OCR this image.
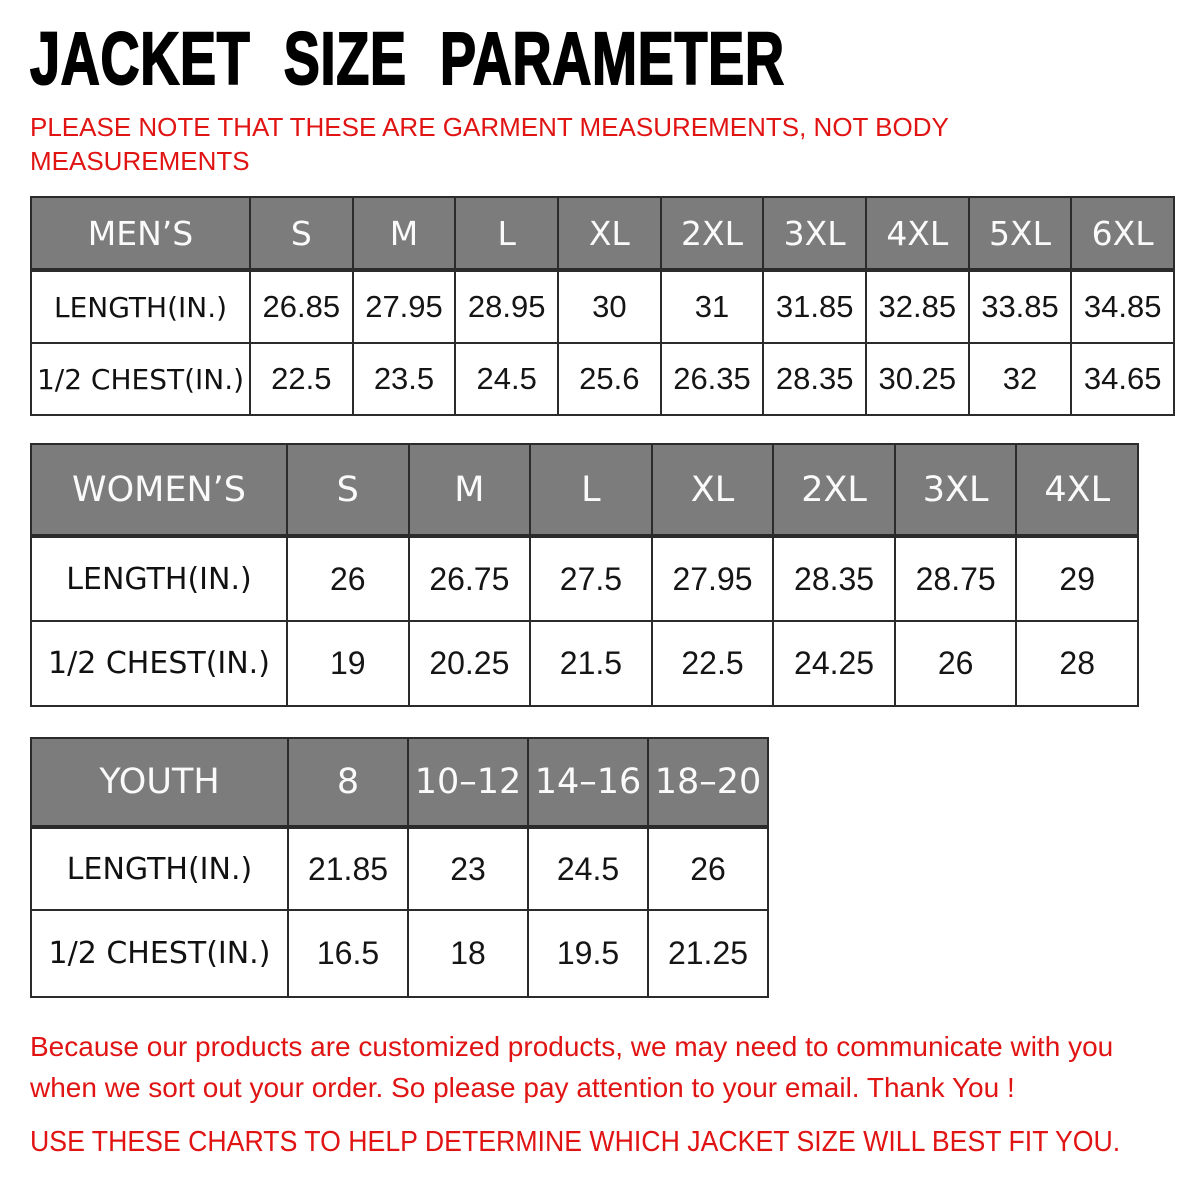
JACKET SIZE PARAMETER
PLEASE NOTE THAT THESE ARE GARMENT MEASUREMENTS, NOT BODY
MEASUREMENTS
MEN’S	S	M	L	XL	2XL	3XL	4XL	5XL	6XL
LENGTH(IN.)	26.85 27.95 28.95	30	31	31.85 32.85 33.85 34.85
1/2 CHEST(IN.) 22.5	23.5	24.5	25.6	26.35 28.35 30.25	32	34.65
WOMEN’S	S	M	L	XL	2XL	3XL	4XL
LENGTH(IN.)	26	26.75	27.5	27.95	28.35	28.75	29
1/2 CHEST(IN.)	19	20.25	21.5	22.5	24.25	26	28
YOUTH	8	10–12 14–16 18–20
LENGTH(IN.)	21.85	23	24.5	26
1/2 CHEST(IN.)	16.5	18	19.5	21.25
Because our products are customized products, we may need to communicate with you
when we sort out your order. So please pay attention to your email. Thank You !
USE THESE CHARTS TO HELP DETERMINE WHICH JACKET SIZE WILL BEST FIT YOU.
